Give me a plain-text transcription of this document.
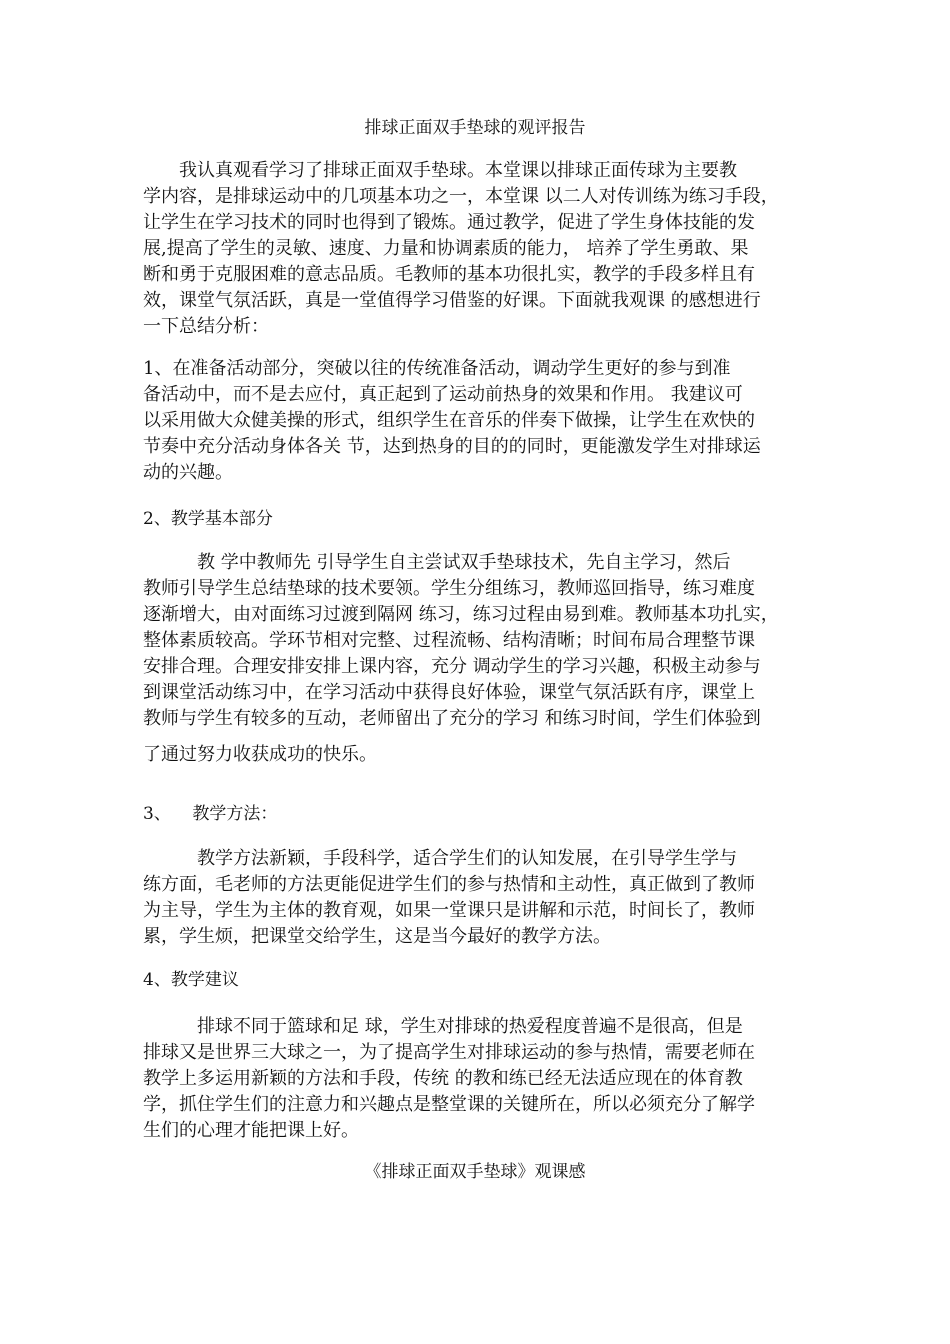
排球正面双手垫球的观评报告
　　我认真观看学习了排球正面双手垫球。本堂课以排球正面传球为主要教
学内容，是排球运动中的几项基本功之一，本堂课 以二人对传训练为练习手段，
让学生在学习技术的同时也得到了锻炼。通过教学，促进了学生身体技能的发
展,提高了学生的灵敏、速度、力量和协调素质的能力， 培养了学生勇敢、果
断和勇于克服困难的意志品质。毛教师的基本功很扎实，教学的手段多样且有
效，课堂气氛活跃，真是一堂值得学习借鉴的好课。下面就我观课 的感想进行
一下总结分析：
1、在准备活动部分，突破以往的传统准备活动，调动学生更好的参与到准
备活动中，而不是去应付，真正起到了运动前热身的效果和作用。 我建议可
以采用做大众健美操的形式，组织学生在音乐的伴奏下做操，让学生在欢快的
节奏中充分活动身体各关 节，达到热身的目的的同时，更能激发学生对排球运
动的兴趣。
2、教学基本部分
　　　教 学中教师先 引导学生自主尝试双手垫球技术，先自主学习，然后
教师引导学生总结垫球的技术要领。学生分组练习，教师巡回指导，练习难度
逐渐增大，由对面练习过渡到隔网 练习，练习过程由易到难。教师基本功扎实，
整体素质较高。学环节相对完整、过程流畅、结构清晰；时间布局合理整节课
安排合理。合理安排安排上课内容，充分 调动学生的学习兴趣，积极主动参与
到课堂活动练习中，在学习活动中获得良好体验，课堂气氛活跃有序，课堂上
教师与学生有较多的互动，老师留出了充分的学习 和练习时间，学生们体验到
了通过努力收获成功的快乐。
3、    教学方法：
　　　教学方法新颖，手段科学，适合学生们的认知发展，在引导学生学与
练方面，毛老师的方法更能促进学生们的参与热情和主动性，真正做到了教师
为主导，学生为主体的教育观，如果一堂课只是讲解和示范，时间长了，教师
累，学生烦，把课堂交给学生，这是当今最好的教学方法。
4、教学建议
　　　排球不同于篮球和足 球，学生对排球的热爱程度普遍不是很高，但是
排球又是世界三大球之一，为了提高学生对排球运动的参与热情，需要老师在
教学上多运用新颖的方法和手段，传统 的教和练已经无法适应现在的体育教
学，抓住学生们的注意力和兴趣点是整堂课的关键所在，所以必须充分了解学
生们的心理才能把课上好。
《排球正面双手垫球》观课感
